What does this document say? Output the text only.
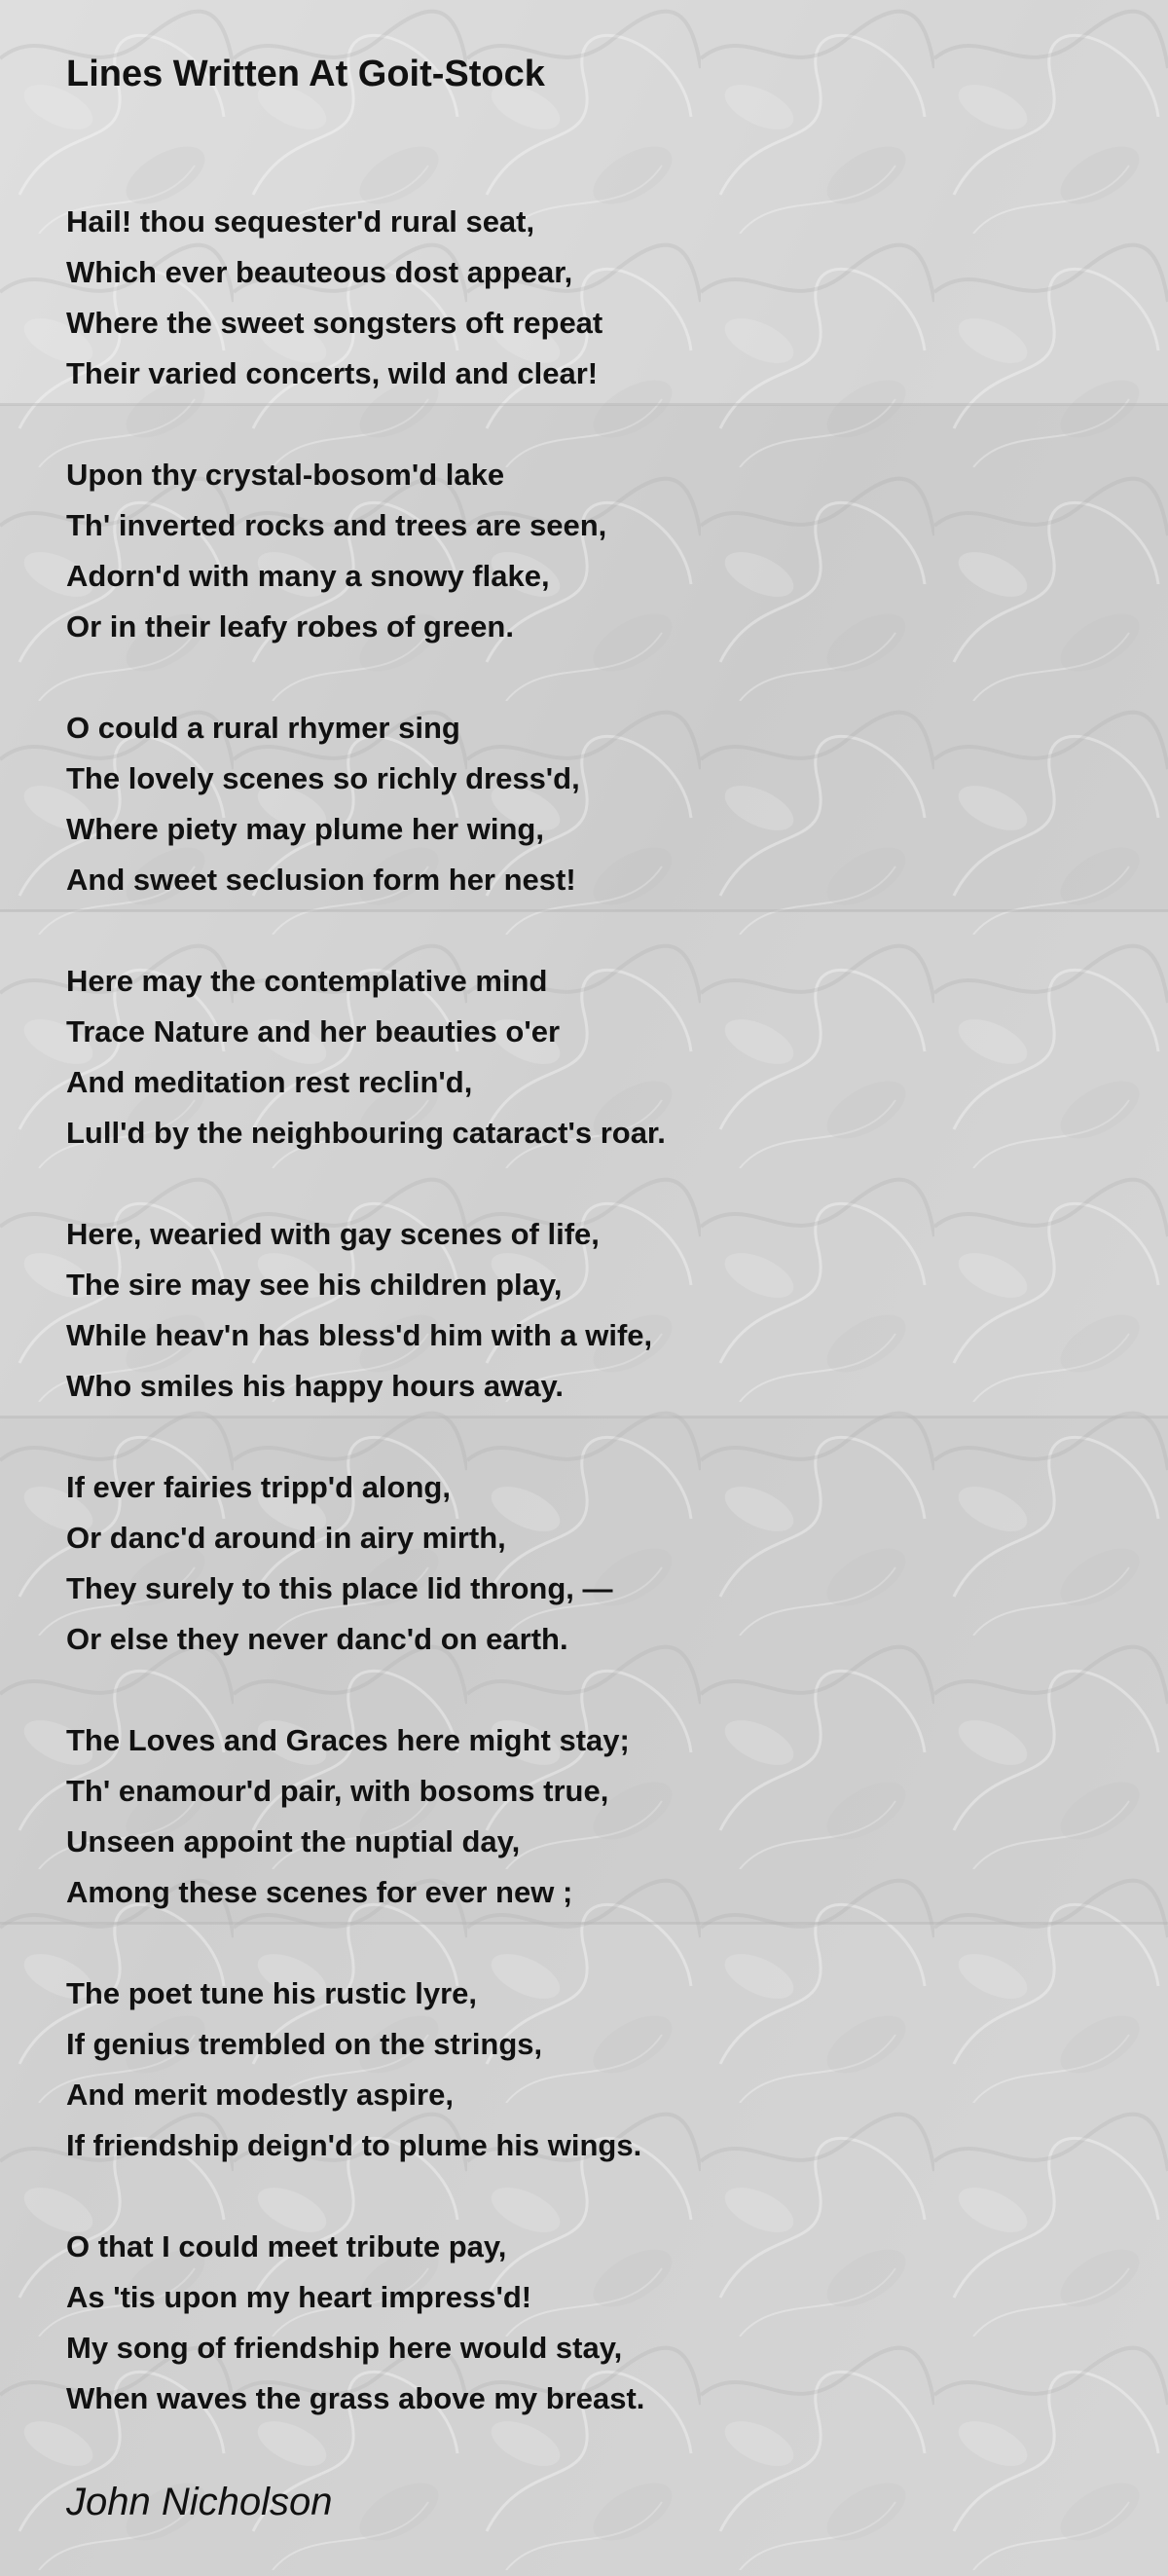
Lines Written At Goit-Stock
Hail! thou sequester'd rural seat,
Which ever beauteous dost appear,
Where the sweet songsters oft repeat
Their varied concerts, wild and clear!
Upon thy crystal-bosom'd lake
Th' inverted rocks and trees are seen,
Adorn'd with many a snowy flake,
Or in their leafy robes of green.
O could a rural rhymer sing
The lovely scenes so richly dress'd,
Where piety may plume her wing,
And sweet seclusion form her nest!
Here may the contemplative mind
Trace Nature and her beauties o'er
And meditation rest reclin'd,
Lull'd by the neighbouring cataract's roar.
Here, wearied with gay scenes of life,
The sire may see his children play,
While heav'n has bless'd him with a wife,
Who smiles his happy hours away.
If ever fairies tripp'd along,
Or danc'd around in airy mirth,
They surely to this place lid throng, —
Or else they never danc'd on earth.
The Loves and Graces here might stay;
Th' enamour'd pair, with bosoms true,
Unseen appoint the nuptial day,
Among these scenes for ever new ;
The poet tune his rustic lyre,
If genius trembled on the strings,
And merit modestly aspire,
If friendship deign'd to plume his wings.
O that I could meet tribute pay,
As 'tis upon my heart impress'd!
My song of friendship here would stay,
When waves the grass above my breast.

John Nicholson
